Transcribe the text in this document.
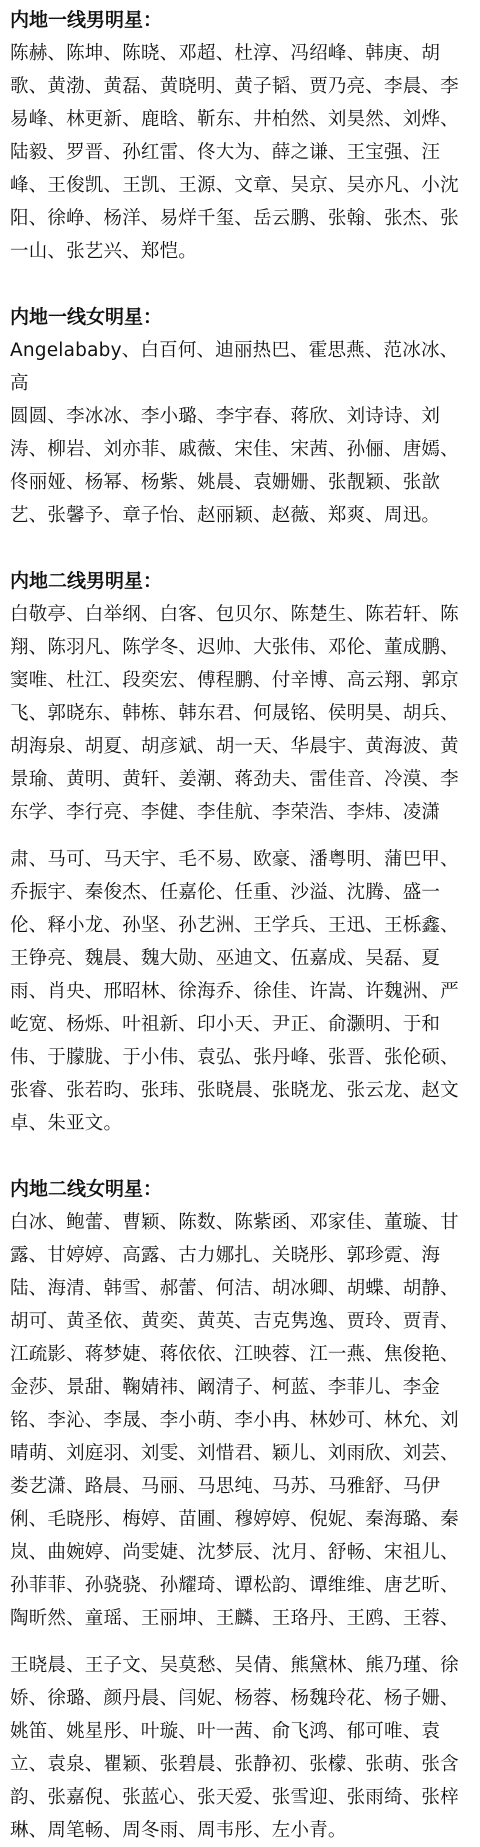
内地一线男明星：

陈赫、陈坤、陈晓、邓超、杜淳、冯绍峰、韩庚、胡
歌、黄渤、黄磊、黄晓明、黄子韬、贾乃亮、李晨、李
易峰、林更新、鹿晗、靳东、井柏然、刘昊然、刘烨、
陆毅、罗晋、孙红雷、佟大为、薛之谦、王宝强、汪
峰、王俊凯、王凯、王源、文章、吴京、吴亦凡、小沈
阳、徐峥、杨洋、易烊千玺、岳云鹏、张翰、张杰、张
一山、张艺兴、郑恺。

内地一线女明星：

Angelababy、白百何、迪丽热巴、霍思燕、范冰冰、高
圆圆、李冰冰、李小璐、李宇春、蒋欣、刘诗诗、刘
涛、柳岩、刘亦菲、戚薇、宋佳、宋茜、孙俪、唐嫣、
佟丽娅、杨幂、杨紫、姚晨、袁姗姗、张靓颖、张歆
艺、张馨予、章子怡、赵丽颖、赵薇、郑爽、周迅。

内地二线男明星：

白敬亭、白举纲、白客、包贝尔、陈楚生、陈若轩、陈
翔、陈羽凡、陈学冬、迟帅、大张伟、邓伦、董成鹏、
窦唯、杜江、段奕宏、傅程鹏、付辛博、高云翔、郭京
飞、郭晓东、韩栋、韩东君、何晟铭、侯明昊、胡兵、
胡海泉、胡夏、胡彦斌、胡一天、华晨宇、黄海波、黄
景瑜、黄明、黄轩、姜潮、蒋劲夫、雷佳音、冷漠、李
东学、李行亮、李健、李佳航、李荣浩、李炜、凌潇

肃、马可、马天宇、毛不易、欧豪、潘粤明、蒲巴甲、
乔振宇、秦俊杰、任嘉伦、任重、沙溢、沈腾、盛一
伦、释小龙、孙坚、孙艺洲、王学兵、王迅、王栎鑫、
王铮亮、魏晨、魏大勋、巫迪文、伍嘉成、吴磊、夏
雨、肖央、邢昭林、徐海乔、徐佳、许嵩、许魏洲、严
屹宽、杨烁、叶祖新、印小天、尹正、俞灏明、于和
伟、于朦胧、于小伟、袁弘、张丹峰、张晋、张伦硕、
张睿、张若昀、张玮、张晓晨、张晓龙、张云龙、赵文
卓、朱亚文。

内地二线女明星：

白冰、鲍蕾、曹颖、陈数、陈紫函、邓家佳、董璇、甘
露、甘婷婷、高露、古力娜扎、关晓彤、郭珍霓、海
陆、海清、韩雪、郝蕾、何洁、胡冰卿、胡蝶、胡静、
胡可、黄圣依、黄奕、黄英、吉克隽逸、贾玲、贾青、
江疏影、蒋梦婕、蒋依依、江映蓉、江一燕、焦俊艳、
金莎、景甜、鞠婧祎、阚清子、柯蓝、李菲儿、李金
铭、李沁、李晟、李小萌、李小冉、林妙可、林允、刘
晴萌、刘庭羽、刘雯、刘惜君、颖儿、刘雨欣、刘芸、
娄艺潇、路晨、马丽、马思纯、马苏、马雅舒、马伊
俐、毛晓彤、梅婷、苗圃、穆婷婷、倪妮、秦海璐、秦
岚、曲婉婷、尚雯婕、沈梦辰、沈月、舒畅、宋祖儿、
孙菲菲、孙骁骁、孙耀琦、谭松韵、谭维维、唐艺昕、
陶昕然、童瑶、王丽坤、王麟、王珞丹、王鸥、王蓉、

王晓晨、王子文、吴莫愁、吴倩、熊黛林、熊乃瑾、徐
娇、徐璐、颜丹晨、闫妮、杨蓉、杨魏玲花、杨子姗、
姚笛、姚星彤、叶璇、叶一茜、俞飞鸿、郁可唯、袁
立、袁泉、瞿颖、张碧晨、张静初、张檬、张萌、张含
韵、张嘉倪、张蓝心、张天爱、张雪迎、张雨绮、张梓
琳、周笔畅、周冬雨、周韦彤、左小青。
